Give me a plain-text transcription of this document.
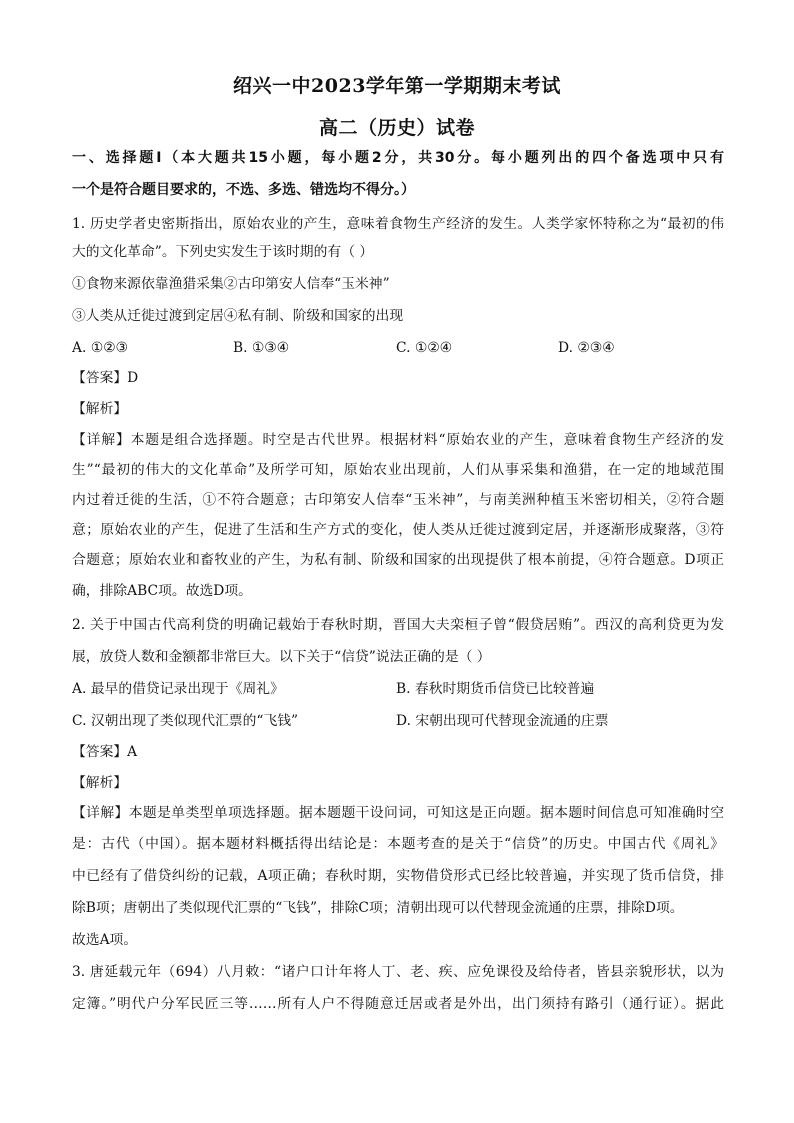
绍兴一中2023学年第一学期期末考试
高二（历史）试卷
一、选择题Ⅰ（本大题共15小题，每小题2分，共30分。每小题列出的四个备选项中只有
一个是符合题目要求的，不选、多选、错选均不得分。）
1. 历史学者史密斯指出，原始农业的产生，意味着食物生产经济的发生。人类学家怀特称之为“最初的伟
大的文化革命”。下列史实发生于该时期的有（ ）
①食物来源依靠渔猎采集②古印第安人信奉“玉米神”
③人类从迁徙过渡到定居④私有制、阶级和国家的出现
A. ①②③	B. ①③④	C. ①②④	D. ②③④
【答案】D
【解析】
【详解】本题是组合选择题。时空是古代世界。根据材料“原始农业的产生，意味着食物生产经济的发
生”“最初的伟大的文化革命”及所学可知，原始农业出现前，人们从事采集和渔猎，在一定的地域范围
内过着迁徙的生活，①不符合题意；古印第安人信奉“玉米神”，与南美洲种植玉米密切相关，②符合题
意；原始农业的产生，促进了生活和生产方式的变化，使人类从迁徙过渡到定居，并逐渐形成聚落，③符
合题意；原始农业和畜牧业的产生，为私有制、阶级和国家的出现提供了根本前提，④符合题意。D项正
确，排除ABC项。故选D项。
2. 关于中国古代高利贷的明确记载始于春秋时期，晋国大夫栾桓子曾“假贷居贿”。西汉的高利贷更为发
展，放贷人数和金额都非常巨大。以下关于“信贷”说法正确的是（ ）
A. 最早的借贷记录出现于《周礼》	B. 春秋时期货币信贷已比较普遍
C. 汉朝出现了类似现代汇票的“飞钱”	D. 宋朝出现可代替现金流通的庄票
【答案】A
【解析】
【详解】本题是单类型单项选择题。据本题题干设问词，可知这是正向题。据本题时间信息可知准确时空
是：古代（中国）。据本题材料概括得出结论是：本题考查的是关于“信贷”的历史。中国古代《周礼》
中已经有了借贷纠纷的记载，A项正确；春秋时期，实物借贷形式已经比较普遍，并实现了货币信贷，排
除B项；唐朝出了类似现代汇票的“飞钱”，排除C项；清朝出现可以代替现金流通的庄票，排除D项。
故选A项。
3. 唐延载元年（694）八月敕：“诸户口计年将人丁、老、疾、应免课役及给侍者，皆县亲貌形状，以为
定簿。”明代户分军民匠三等……所有人户不得随意迁居或者是外出，出门须持有路引（通行证）。据此
